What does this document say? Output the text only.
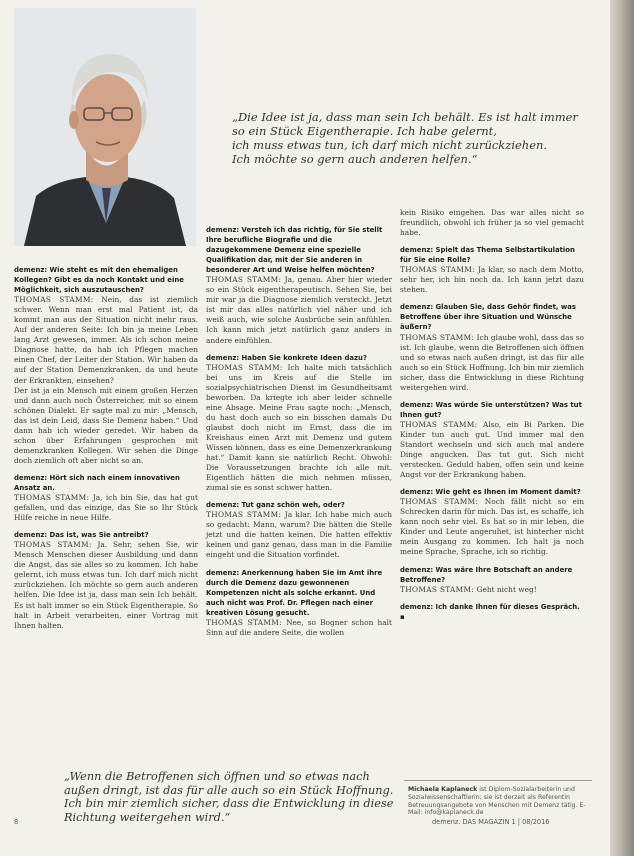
„Die Idee ist ja, dass man sein Ich behält. Es ist halt immer
so ein Stück Eigentherapie. Ich habe gelernt,
ich muss etwas tun, ich darf mich nicht zurückziehen.
Ich möchte so gern auch anderen helfen.“
demenz: Wie steht es mit den ehemaligen Kollegen? Gibt es da noch Kontakt und eine Möglichkeit, sich auszutauschen?
THOMAS STAMM: Nein, das ist ziemlich schwer. Wenn man erst mal Patient ist, da kommt man aus der Situation nicht mehr raus. Auf der anderen Seite: Ich bin ja meine Leben lang Arzt gewesen, immer. Als ich schon meine Diagnose hatte, da hab ich Pflegen machen einen Chef, der Leiter der Station. Wir haben da auf der Station Demenzkranken, da und heute der Erkrankten, einsehen?
Der ist ja ein Mensch mit einem großen Herzen und dann auch noch Österreicher, mit so einem schönen Dialekt. Er sagte mal zu mir: „Mensch, das ist dein Leid, dass Sie Demenz haben.“ Und dann hab ich wieder geredet. Wir haben da schon über Erfahrungen gesprochen mit demenzkranken Kollegen. Wir sehen die Dinge doch ziemlich oft aber nicht so an.
demenz: Hört sich nach einem innovativen Ansatz an.
THOMAS STAMM: Ja, ich bin Sie, das hat gut gefallen, und das einzige, das Sie so Ihr Stück Hilfe reiche in neue Hilfe.
demenz: Das ist, was Sie antreibt?
THOMAS STAMM: Ja. Sehr, sehen Sie, wir Mensch Menschen dieser Ausbildung und dann die Angst, das sie alles so zu kommen. Ich habe gelernt, ich muss etwas tun. Ich darf mich nicht zurückziehen. Ich möchte so gern auch anderen helfen. Die Idee ist ja, dass man sein Ich behält. Es ist halt immer so ein Stück Eigentherapie. So halt in Arbeit verarbeiten, einer Vortrag mit Ihnen halten.
demenz: Versteh ich das richtig, für Sie stellt Ihre berufliche Biografie und die dazugekommene Demenz eine spezielle Qualifikation dar, mit der Sie anderen in besonderer Art und Weise helfen möchten?
THOMAS STAMM: Ja, genau. Aber hier wieder so ein Stück eigentherapeutisch. Sehen Sie, bei mir war ja die Diagnose ziemlich versteckt. Jetzt ist mir das alles natürlich viel näher und ich weiß auch, wie solche Ausbrüche sein anfühlen. Ich kann mich jetzt natürlich ganz anders in andere einfühlen.
demenz: Haben Sie konkrete Ideen dazu?
THOMAS STAMM: Ich halte mich tatsächlich bei uns im Kreis auf die Stelle im sozialpsychiatrischen Dienst im Gesundheitsamt beworben. Da kriegte ich aber leider schnelle eine Absage. Meine Frau sagte noch: „Mensch, du hast doch auch so ein bisschen damals Du glaubst doch nicht im Ernst, dass die im Kreishaus einen Arzt mit Demenz und gutem Wissen können, dass es eine Demenzerkrankung hat.“ Damit kann sie natürlich Recht. Obwohl: Die Voraussetzungen brachte ich alle mit. Eigentlich hätten die mich nehmen müssen, zumal sie es sonst schwer hatten.
demenz: Tut ganz schön weh, oder?
THOMAS STAMM: Ja klar. Ich habe mich auch so gedacht: Mann, warum? Die hätten die Stelle jetzt und die hatten keinen. Die hatten effektiv keinen und ganz genau, dass man in die Familie eingeht und die Situation vorfindet.
demenz: Anerkennung haben Sie im Amt ihre durch die Demenz dazu gewonnenen Kompetenzen nicht als solche erkannt. Und auch nicht was Prof. Dr. Pflegen nach einer kreativen Lösung gesucht.
THOMAS STAMM: Nee, so Bogner schon halt Sinn auf die andere Seite, die wollen
kein Risiko eingehen. Das war alles nicht so freundlich, obwohl ich früher ja so viel gemacht habe.
demenz: Spielt das Thema Selbstartikulation für Sie eine Rolle?
THOMAS STAMM: Ja klar, so nach dem Motto, sehr her, ich bin noch da. Ich kann jetzt dazu stehen.
demenz: Glauben Sie, dass Gehör findet, was Betroffene über ihre Situation und Wünsche äußern?
THOMAS STAMM: Ich glaube wohl, dass das so ist. Ich glaube, wenn die Betroffenen sich öffnen und so etwas nach außen dringt, ist das für alle auch so ein Stück Hoffnung. Ich bin mir ziemlich sicher, dass die Entwicklung in diese Richtung weitergehen wird.
demenz: Was würde Sie unterstützen? Was tut Ihnen gut?
THOMAS STAMM: Also, ein Bi Parken. Die Kinder tun auch gut. Und immer mal den Standort wechseln und sich auch mal andere Dinge angucken. Das tut gut. Sich nicht verstecken. Geduld haben, offen sein und keine Angst vor der Erkrankung haben.
demenz: Wie geht es Ihnen im Moment damit?
THOMAS STAMM: Noch fällt nicht so ein Schrecken darin für mich. Das ist, es schaffe, ich kann noch sehr viel. Es hat so in mir leben, die Kinder und Leute angeruhet, ist hinterher nicht mein Ausgang zu kommen. Ich halt ja noch meine Sprache, Sprache, ich so richtig.
demenz: Was wäre Ihre Botschaft an andere Betroffene?
THOMAS STAMM: Geht nicht weg!
demenz: Ich danke Ihnen für dieses Gespräch. ▪
„Wenn die Betroffenen sich öffnen und so etwas nach
außen dringt, ist das für alle auch so ein Stück Hoffnung.
Ich bin mir ziemlich sicher, dass die Entwicklung in diese
Richtung weitergehen wird.“
Michaela Kaplaneck ist Diplom-Sozialarbeiterin und Sozialwissenschaftlerin; sie ist derzeit als Referentin Betreuungsangebote von Menschen mit Demenz tätig. E-Mail: info@kaplaneck.de
8	demenz. DAS MAGAZIN 1 | 08/2016
